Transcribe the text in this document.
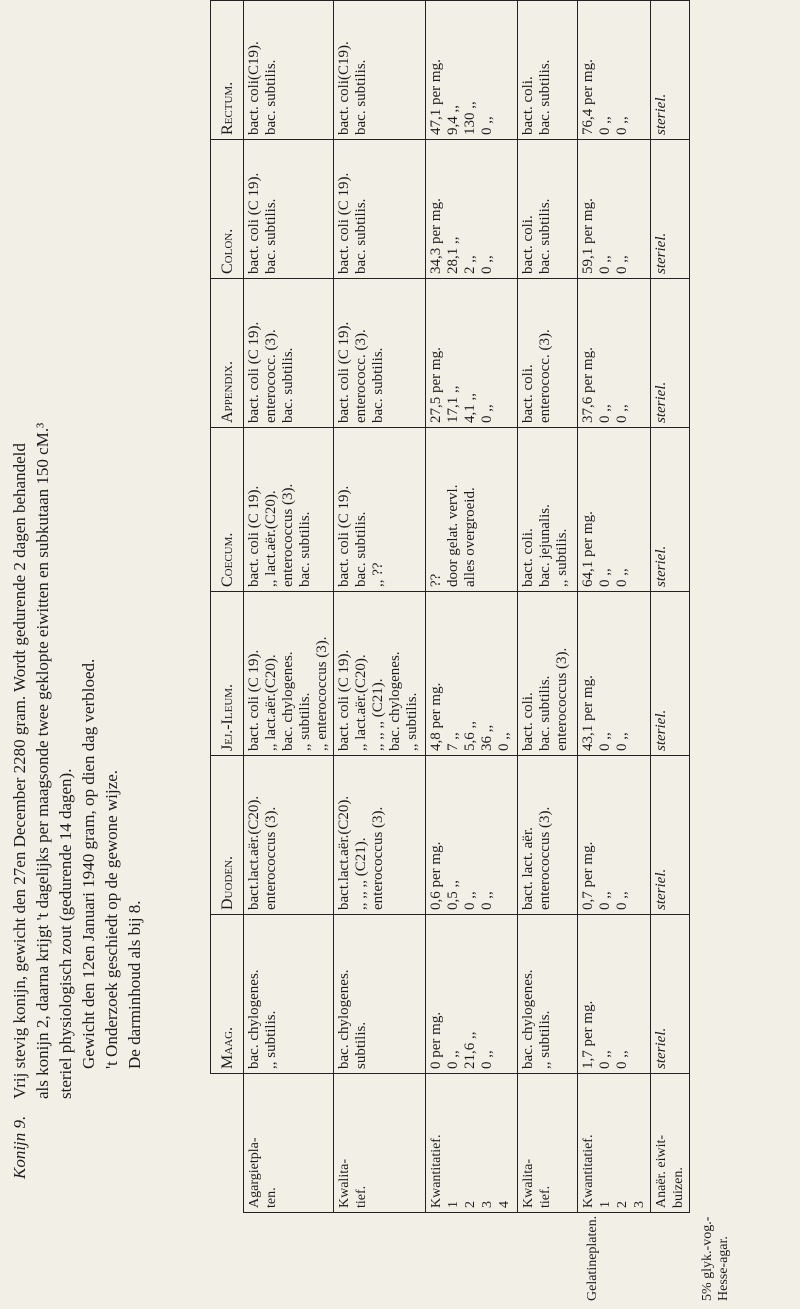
Konijn 9.Vrij stevig konijn, gewicht den 27en December 2280 gram. Wordt gedurende 2 dagen behandeld als konijn 2, daarna krijgt 't dagelijks per maagsonde twee geklopte eiwitten en subkutaan 150 cM.³ steriel physiologisch zout (gedurende 14 dagen). Gewicht den 12en Januari 1940 gram, op dien dag verbloed. 't Onderzoek geschiedt op de gewone wijze. De darminhoud als bij 8.
		Maag.	Duoden.	Jej.-Ileum.	Coecum.	Appendix.	Colon.	Rectum.

Agargietpla- ten.	bac. chylogenes. ,, subtilis.	bact.lact.aër.(C20). enterococcus (3).	bact. coli (C 19). ,, lact.aër.(C20). bac. chylogenes. ,, subtilis. ,, enterococcus (3).	bact. coli (C 19). ,, lact.aër.(C20). enterococcus (3). bac. subtilis.	bact. coli (C 19). enterococc. (3). bac. subtilis.	bact. coli (C 19). bac. subtilis.	bact. coli(C19). bac. subtilis.

Kwalita- tief.	bac. chylogenes. subtilis.	bact.lact.aër.(C20). ,, ,, ,, (C21). enterococcus (3).	bact. coli (C 19). ,, lact.aër.(C20). ,, ,, ,, (C21). bac. chylogenes. ,, subtilis.	bact. coli (C 19). bac. subtilis. ,, ??	bact. coli (C 19). enterococc. (3). bac. subtilis.	bact. coli (C 19). bac. subtilis.	bact. coli(C19). bac. subtilis.

Kwantitatief. 1 2 3 4	0 per mg. 0 ,, 21,6 ,, 0 ,,	0,6 per mg. 0,5 ,, 0 ,, 0 ,,	4,8 per mg. 7 ,, 5,6 ,, 36 ,, 0 ,,	?? door gelat. vervl. alles overgroeid.	27,5 per mg. 17,1 ,, 4,1 ,, 0 ,,	34,3 per mg. 28,1 ,, 2 ,, 0 ,,	47,1 per mg. 9,4 ,, 130 ,, 0 ,,

Kwalita- tief.	bac. chylogenes. ,, subtilis.	bact. lact. aër. enterococcus (3).	bact. coli. bac. subtilis. enterococcus (3).	bact. coli. bac. jejunalis. ,, subtilis.	bact. coli. enterococc. (3).	bact. coli. bac. subtilis.	bact. coli. bac. subtilis.

Kwantitatief. 1 2 3	1,7 per mg. 0 ,, 0 ,,	0,7 per mg. 0 ,, 0 ,,	43,1 per mg. 0 ,, 0 ,,	64,1 per mg. 0 ,, 0 ,,	37,6 per mg. 0 ,, 0 ,,	59,1 per mg. 0 ,, 0 ,,	76,4 per mg. 0 ,, 0 ,,

Anaër. eiwit- buizen.	steriel.	steriel.	steriel.	steriel.	steriel.	steriel.	steriel.
Gelatineplaten.	5% glyk.-vog.-Hesse-agar.
